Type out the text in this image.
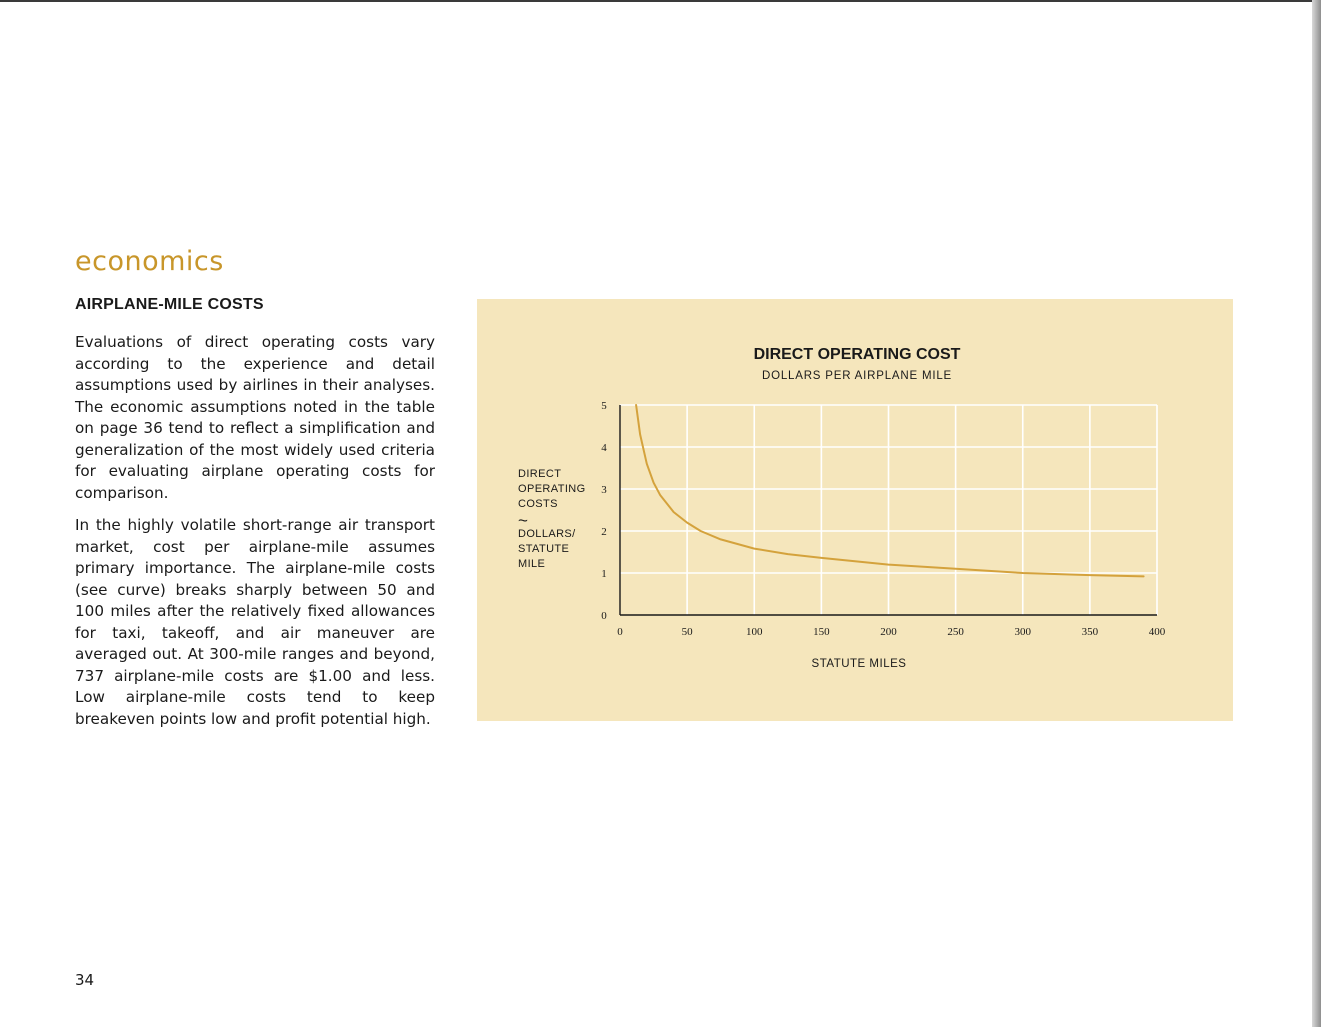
economics
AIRPLANE-MILE COSTS

Evaluations of direct operating costs vary according to the experience and detail assumptions used by airlines in their analyses. The economic assumptions noted in the table on page 36 tend to reflect a simplification and generalization of the most widely used criteria for evaluating airplane operating costs for comparison.

In the highly volatile short-range air transport market, cost per airplane-mile assumes primary importance. The airplane-mile costs (see curve) breaks sharply between 50 and 100 miles after the relatively fixed allowances for taxi, takeoff, and air maneuver are averaged out. At 300-mile ranges and beyond, 737 airplane-mile costs are $1.00 and less. Low airplane-mile costs tend to keep breakeven points low and profit potential high.

34
DIRECT OPERATING COST
DOLLARS PER AIRPLANE MILE
0	50	100	150	200	250	300	350	400
0
1
2
3
4
5
DIRECT
OPERATING
COSTS
~
DOLLARS/
STATUTE
MILE
STATUTE MILES
